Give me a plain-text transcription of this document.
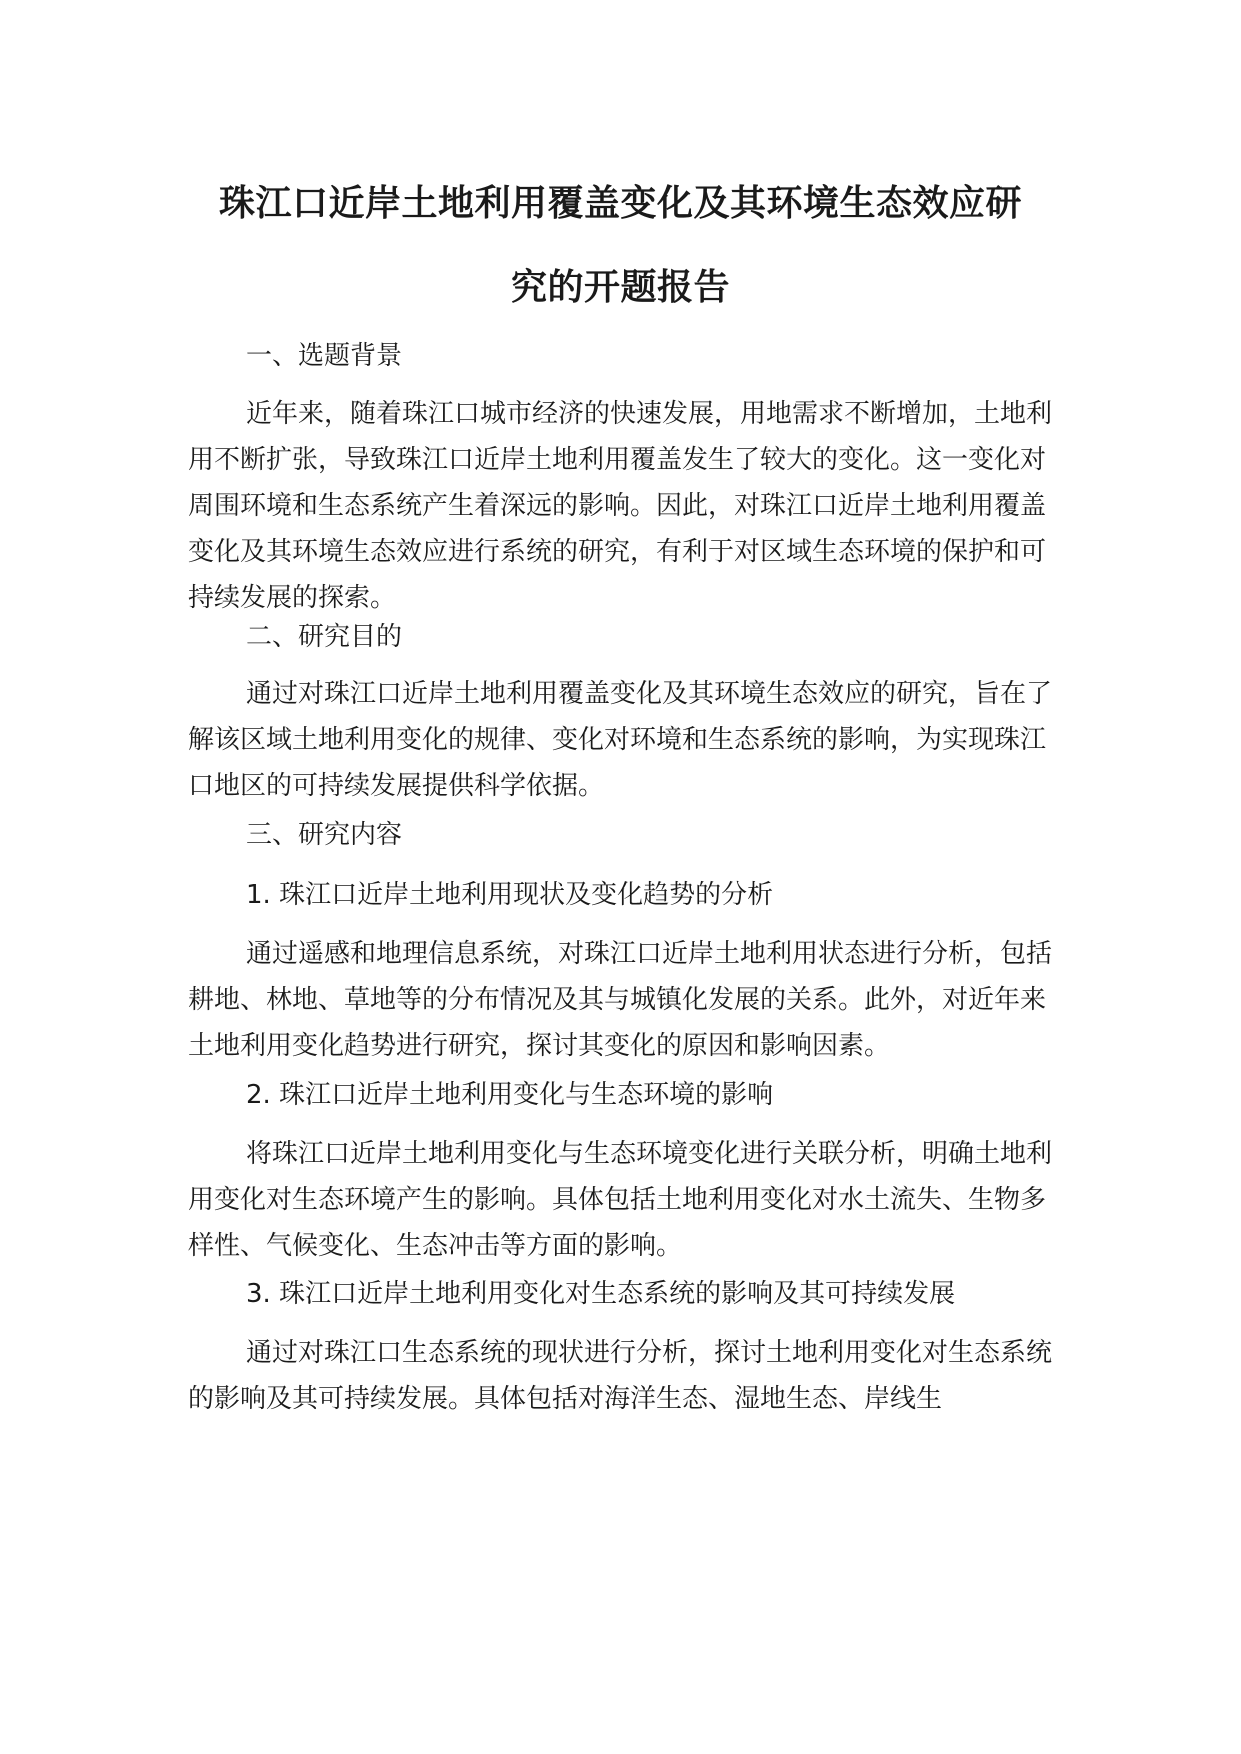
珠江口近岸土地利用覆盖变化及其环境生态效应研
究的开题报告

一、选题背景

近年来，随着珠江口城市经济的快速发展，用地需求不断增加，土地利用不断扩张，导致珠江口近岸土地利用覆盖发生了较大的变化。这一变化对周围环境和生态系统产生着深远的影响。因此，对珠江口近岸土地利用覆盖变化及其环境生态效应进行系统的研究，有利于对区域生态环境的保护和可持续发展的探索。

二、研究目的

通过对珠江口近岸土地利用覆盖变化及其环境生态效应的研究，旨在了解该区域土地利用变化的规律、变化对环境和生态系统的影响，为实现珠江口地区的可持续发展提供科学依据。

三、研究内容

1. 珠江口近岸土地利用现状及变化趋势的分析

通过遥感和地理信息系统，对珠江口近岸土地利用状态进行分析，包括耕地、林地、草地等的分布情况及其与城镇化发展的关系。此外，对近年来土地利用变化趋势进行研究，探讨其变化的原因和影响因素。

2. 珠江口近岸土地利用变化与生态环境的影响

将珠江口近岸土地利用变化与生态环境变化进行关联分析，明确土地利用变化对生态环境产生的影响。具体包括土地利用变化对水土流失、生物多样性、气候变化、生态冲击等方面的影响。

3. 珠江口近岸土地利用变化对生态系统的影响及其可持续发展

通过对珠江口生态系统的现状进行分析，探讨土地利用变化对生态系统的影响及其可持续发展。具体包括对海洋生态、湿地生态、岸线生
